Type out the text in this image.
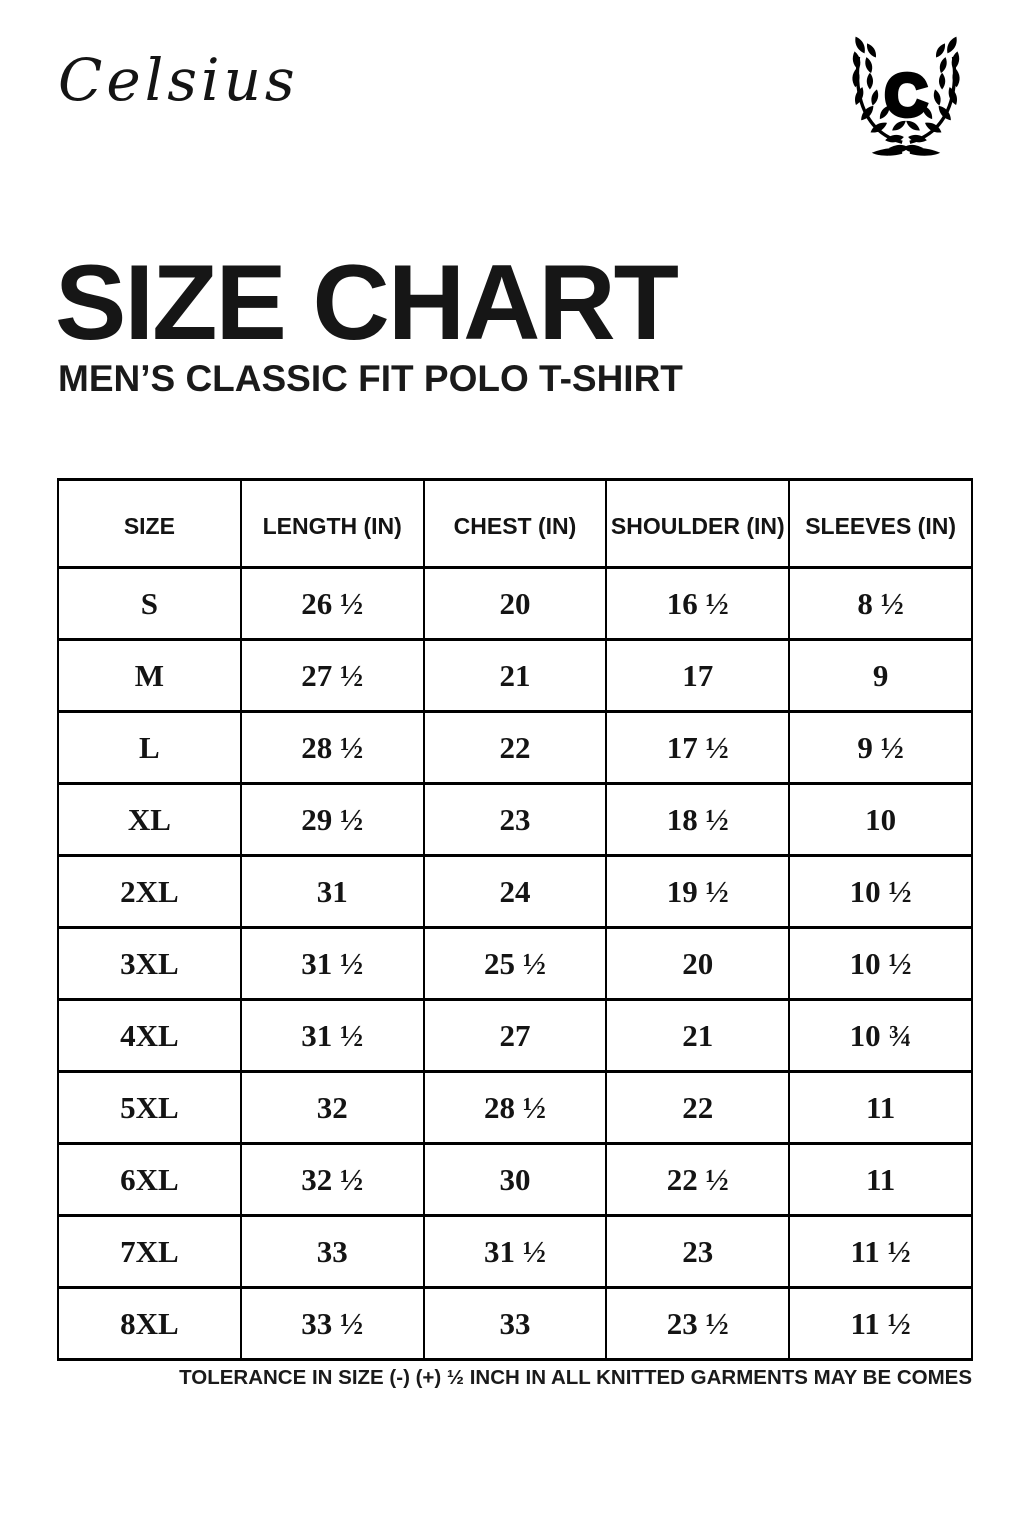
Celsius	C
SIZE CHART
MEN’S CLASSIC FIT POLO T-SHIRT
SIZE	LENGTH (IN)	CHEST (IN)	SHOULDER (IN)	SLEEVES (IN)
S	26 ½	20	16 ½	8 ½
M	27 ½	21	17	9
L	28 ½	22	17 ½	9 ½
XL	29 ½	23	18 ½	10
2XL	31	24	19 ½	10 ½
3XL	31 ½	25 ½	20	10 ½
4XL	31 ½	27	21	10 ¾
5XL	32	28 ½	22	11
6XL	32 ½	30	22 ½	11
7XL	33	31 ½	23	11 ½
8XL	33 ½	33	23 ½	11 ½
TOLERANCE IN SIZE (-) (+) ½ INCH IN ALL KNITTED GARMENTS MAY BE COMES
